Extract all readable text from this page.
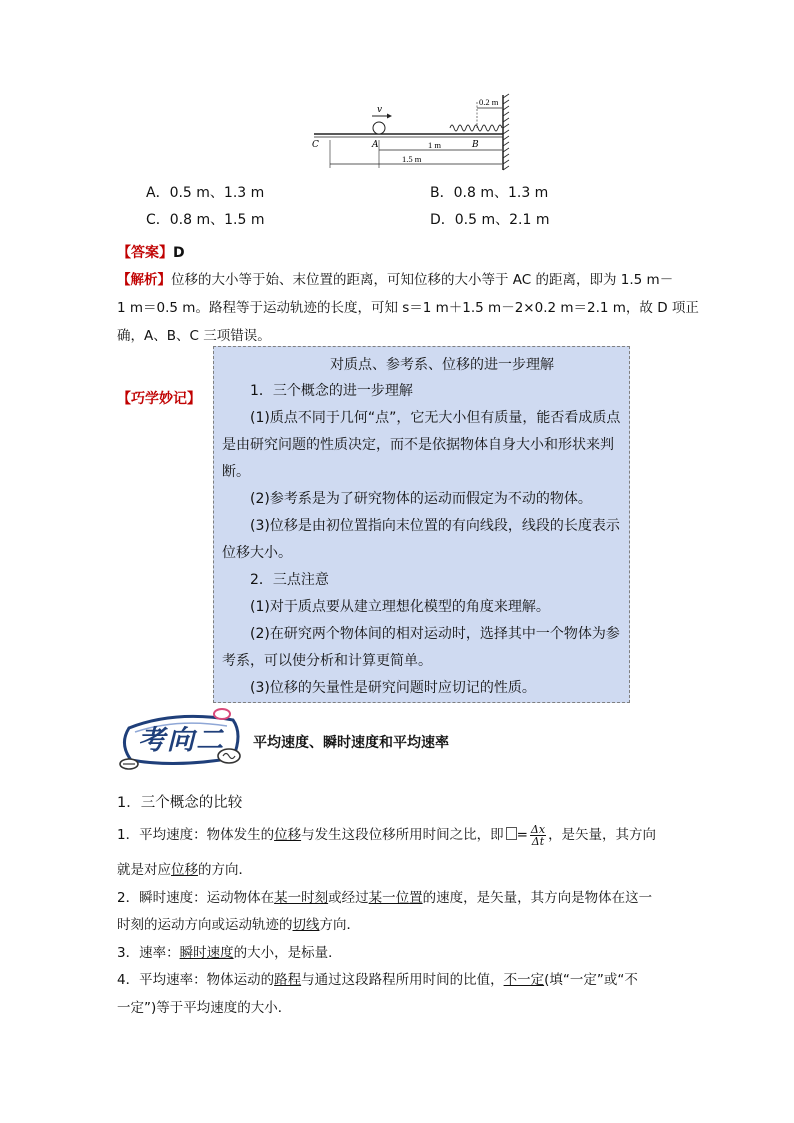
v
0.2 m
C	A	B
1 m
1.5 m
A．0.5 m、1.3 m	B．0.8 m、1.3 m
C．0.8 m、1.5 m	D．0.5 m、2.1 m
【答案】D
【解析】位移的大小等于始、末位置的距离，可知位移的大小等于 AC 的距离，即为 1.5 m－
1 m＝0.5 m。路程等于运动轨迹的长度，可知 s＝1 m＋1.5 m－2×0.2 m＝2.1 m，故 D 项正
确，A、B、C 三项错误。
【巧学妙记】

对质点、参考系、位移的进一步理解

1．三个概念的进一步理解

(1)质点不同于几何“点”，它无大小但有质量，能否看成质点

是由研究问题的性质决定，而不是依据物体自身大小和形状来判

断。

(2)参考系是为了研究物体的运动而假定为不动的物体。

(3)位移是由初位置指向末位置的有向线段，线段的长度表示

位移大小。

2．三点注意

(1)对于质点要从建立理想化模型的角度来理解。

(2)在研究两个物体间的相对运动时，选择其中一个物体为参

考系，可以使分析和计算更简单。

(3)位移的矢量性是研究问题时应切记的性质。

考向二 平均速度、瞬时速度和平均速率
1．三个概念的比较
1．平均速度：物体发生的位移与发生这段位移所用时间之比，即 = $\frac{\Delta x}{\Delta t}$ ，是矢量，其方向
就是对应位移的方向．
2．瞬时速度：运动物体在某一时刻或经过某一位置的速度，是矢量，其方向是物体在这一
时刻的运动方向或运动轨迹的切线方向．
3．速率：瞬时速度的大小，是标量．
4．平均速率：物体运动的路程与通过这段路程所用时间的比值，不一定(填“一定”或“不
一定”)等于平均速度的大小．
